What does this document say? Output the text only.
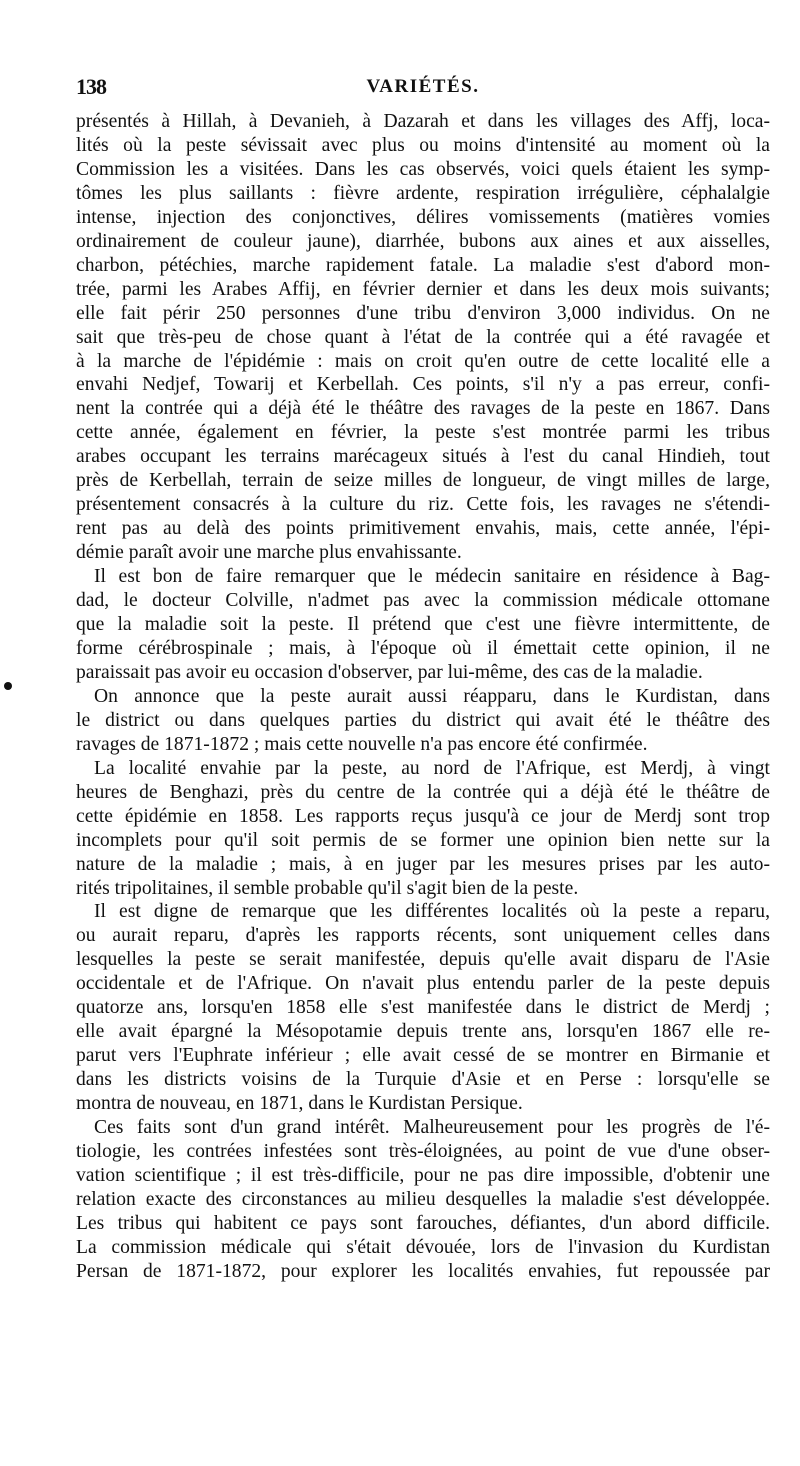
138	VARIÉTÉS.

présentés à Hillah, à Devanieh, à Dazarah et dans les villages des Affj, loca-
lités où la peste sévissait avec plus ou moins d'intensité au moment où la
Commission les a visitées. Dans les cas observés, voici quels étaient les symp-
tômes les plus saillants : fièvre ardente, respiration irrégulière, céphalalgie
intense, injection des conjonctives, délires vomissements (matières vomies
ordinairement de couleur jaune), diarrhée, bubons aux aines et aux aisselles,
charbon, pétéchies, marche rapidement fatale. La maladie s'est d'abord mon-
trée, parmi les Arabes Affij, en février dernier et dans les deux mois suivants;
elle fait périr 250 personnes d'une tribu d'environ 3,000 individus. On ne
sait que très-peu de chose quant à l'état de la contrée qui a été ravagée et
à la marche de l'épidémie : mais on croit qu'en outre de cette localité elle a
envahi Nedjef, Towarij et Kerbellah. Ces points, s'il n'y a pas erreur, confi-
nent la contrée qui a déjà été le théâtre des ravages de la peste en 1867. Dans
cette année, également en février, la peste s'est montrée parmi les tribus
arabes occupant les terrains marécageux situés à l'est du canal Hindieh, tout
près de Kerbellah, terrain de seize milles de longueur, de vingt milles de large,
présentement consacrés à la culture du riz. Cette fois, les ravages ne s'étendi-
rent pas au delà des points primitivement envahis, mais, cette année, l'épi-
démie paraît avoir une marche plus envahissante.

Il est bon de faire remarquer que le médecin sanitaire en résidence à Bag-
dad, le docteur Colville, n'admet pas avec la commission médicale ottomane
que la maladie soit la peste. Il prétend que c'est une fièvre intermittente, de
forme cérébrospinale ; mais, à l'époque où il émettait cette opinion, il ne
paraissait pas avoir eu occasion d'observer, par lui-même, des cas de la maladie.

On annonce que la peste aurait aussi réapparu, dans le Kurdistan, dans
le district ou dans quelques parties du district qui avait été le théâtre des
ravages de 1871-1872 ; mais cette nouvelle n'a pas encore été confirmée.

La localité envahie par la peste, au nord de l'Afrique, est Merdj, à vingt
heures de Benghazi, près du centre de la contrée qui a déjà été le théâtre de
cette épidémie en 1858. Les rapports reçus jusqu'à ce jour de Merdj sont trop
incomplets pour qu'il soit permis de se former une opinion bien nette sur la
nature de la maladie ; mais, à en juger par les mesures prises par les auto-
rités tripolitaines, il semble probable qu'il s'agit bien de la peste.

Il est digne de remarque que les différentes localités où la peste a reparu,
ou aurait reparu, d'après les rapports récents, sont uniquement celles dans
lesquelles la peste se serait manifestée, depuis qu'elle avait disparu de l'Asie
occidentale et de l'Afrique. On n'avait plus entendu parler de la peste depuis
quatorze ans, lorsqu'en 1858 elle s'est manifestée dans le district de Merdj ;
elle avait épargné la Mésopotamie depuis trente ans, lorsqu'en 1867 elle re-
parut vers l'Euphrate inférieur ; elle avait cessé de se montrer en Birmanie et
dans les districts voisins de la Turquie d'Asie et en Perse : lorsqu'elle se
montra de nouveau, en 1871, dans le Kurdistan Persique.

Ces faits sont d'un grand intérêt. Malheureusement pour les progrès de l'é-
tiologie, les contrées infestées sont très-éloignées, au point de vue d'une obser-
vation scientifique ; il est très-difficile, pour ne pas dire impossible, d'obtenir une
relation exacte des circonstances au milieu desquelles la maladie s'est développée.
Les tribus qui habitent ce pays sont farouches, défiantes, d'un abord difficile.
La commission médicale qui s'était dévouée, lors de l'invasion du Kurdistan
Persan de 1871-1872, pour explorer les localités envahies, fut repoussée par
